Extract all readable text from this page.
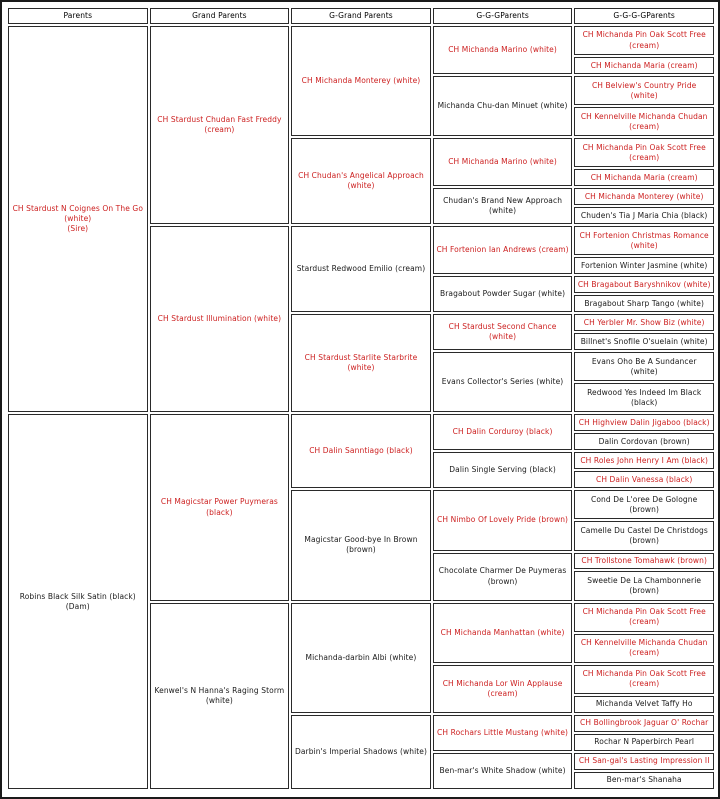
Parents	Grand Parents	G-Grand Parents	G-G-GParents	G-G-G-GParents

CH Stardust N Coignes On The Go (white)
(Sire)	CH Stardust Chudan Fast Freddy (cream)	CH Michanda Monterey (white)	CH Michanda Marino (white)	CH Michanda Pin Oak Scott Free (cream)

				CH Michanda Maria (cream)

			Michanda Chu-dan Minuet (white)	CH Belview's Country Pride (white)

				CH Kennelville Michanda Chudan (cream)

		CH Chudan's Angelical Approach (white)	CH Michanda Marino (white)	CH Michanda Pin Oak Scott Free (cream)

				CH Michanda Maria (cream)

			Chudan's Brand New Approach (white)	CH Michanda Monterey (white)

				Chuden's Tia J Maria Chia (black)

	CH Stardust Illumination (white)	Stardust Redwood Emilio (cream)	CH Fortenion Ian Andrews (cream)	CH Fortenion Christmas Romance (white)

				Fortenion Winter Jasmine (white)

			Bragabout Powder Sugar (white)	CH Bragabout Baryshnikov (white)

				Bragabout Sharp Tango (white)

		CH Stardust Starlite Starbrite (white)	CH Stardust Second Chance (white)	CH Yerbler Mr. Show Biz (white)

				Billnet's Snoflle O'suelain (white)

			Evans Collector's Series (white)	Evans Oho Be A Sundancer (white)

				Redwood Yes Indeed Im Black (black)

Robins Black Silk Satin (black)
(Dam)	CH Magicstar Power Puymeras (black)	CH Dalin Sanntiago (black)	CH Dalin Corduroy (black)	CH Highview Dalin Jigaboo (black)

				Dalin Cordovan (brown)

			Dalin Single Serving (black)	CH Roles John Henry I Am (black)

				CH Dalin Vanessa (black)

		Magicstar Good-bye In Brown (brown)	CH Nimbo Of Lovely Pride (brown)	Cond De L'oree De Gologne (brown)

				Camelle Du Castel De Christdogs (brown)

			Chocolate Charmer De Puymeras (brown)	CH Trollstone Tomahawk (brown)

				Sweetie De La Chambonnerie (brown)

	Kenwel's N Hanna's Raging Storm (white)	Michanda-darbin Albi (white)	CH Michanda Manhattan (white)	CH Michanda Pin Oak Scott Free (cream)

				CH Kennelville Michanda Chudan (cream)

			CH Michanda Lor Win Applause (cream)	CH Michanda Pin Oak Scott Free (cream)

				Michanda Velvet Taffy Ho

		Darbin's Imperial Shadows (white)	CH Rochars Little Mustang (white)	CH Bollingbrook Jaguar O' Rochar

				Rochar N Paperbirch Pearl

			Ben-mar's White Shadow (white)	CH San-gal's Lasting Impression II

				Ben-mar's Shanaha
